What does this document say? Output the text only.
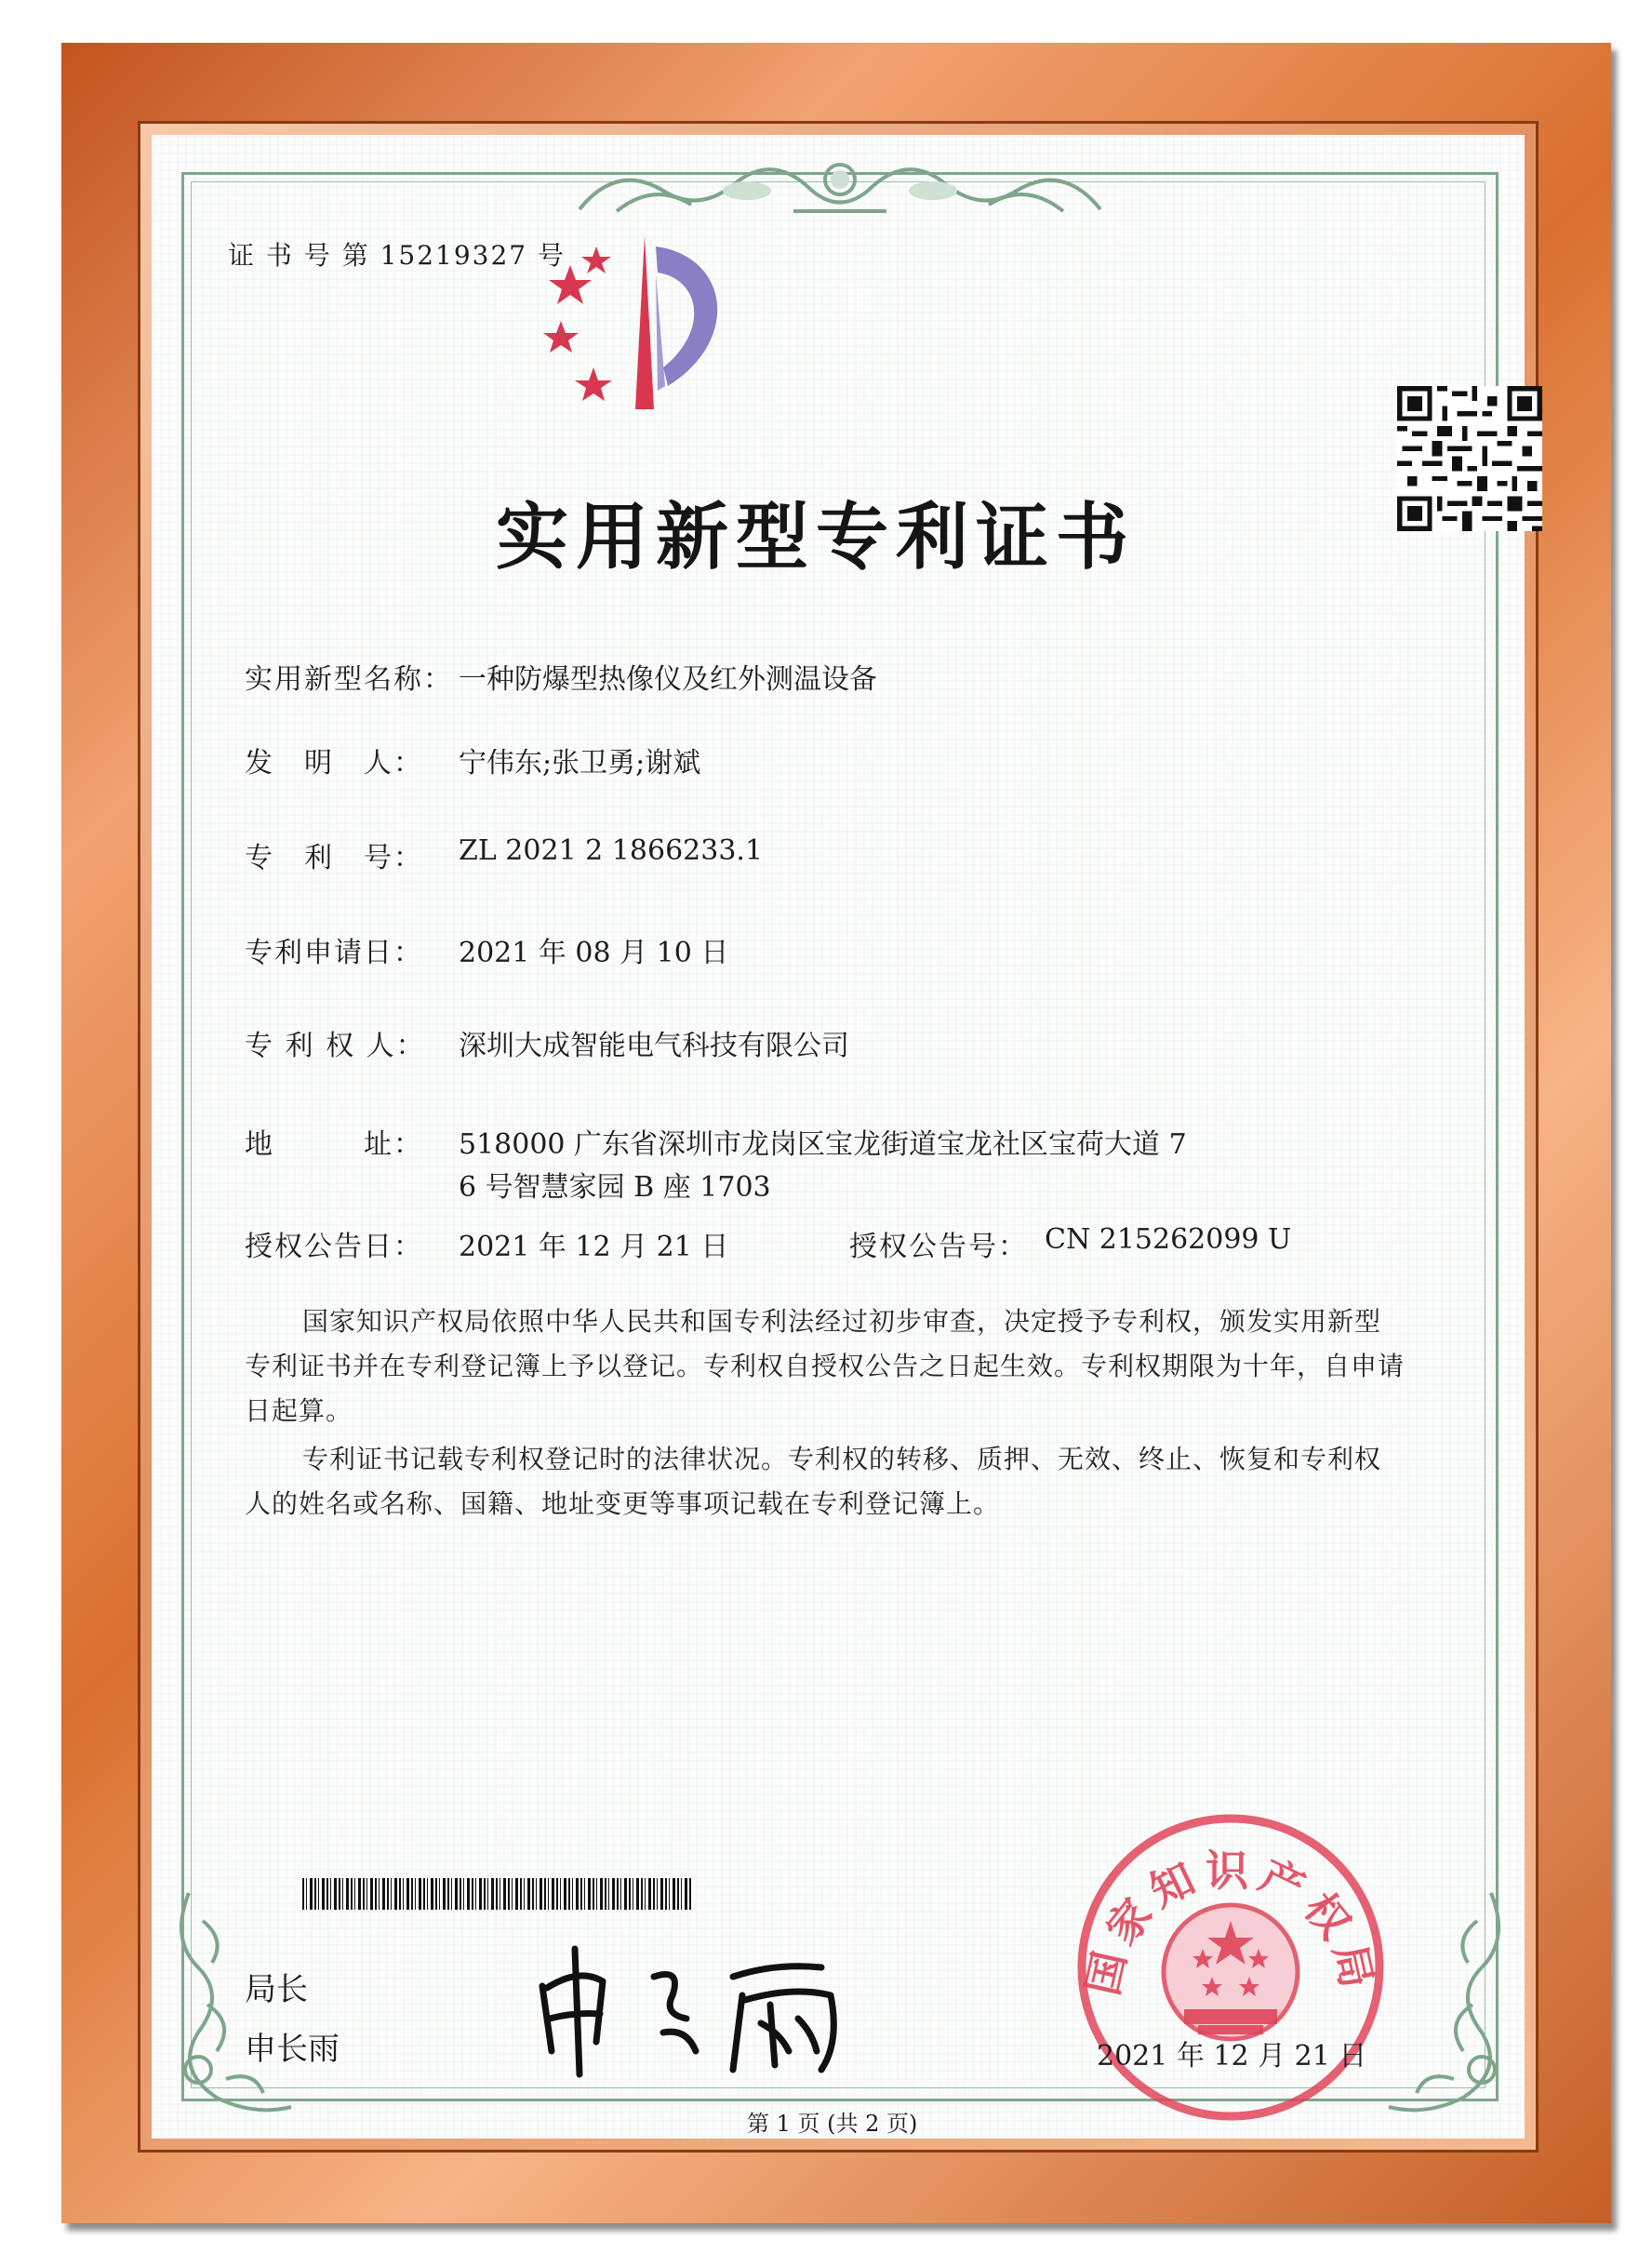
证 书 号 第 15219327 号
实用新型专利证书
实用新型名称： 一种防爆型热像仪及红外测温设备
发　明　人： 宁伟东;张卫勇;谢斌
专　利　号： ZL 2021 2 1866233.1
专利申请日： 2021 年 08 月 10 日
专 利 权 人： 深圳大成智能电气科技有限公司
地　　　址： 518000 广东省深圳市龙岗区宝龙街道宝龙社区宝荷大道 7
6 号智慧家园 B 座 1703
授权公告日： 2021 年 12 月 21 日	授权公告号： CN 215262099 U
国家知识产权局依照中华人民共和国专利法经过初步审查，决定授予专利权，颁发实用新型专利证书并在专利登记簿上予以登记。专利权自授权公告之日起生效。专利权期限为十年，自申请日起算。
专利证书记载专利权登记时的法律状况。专利权的转移、质押、无效、终止、恢复和专利权人的姓名或名称、国籍、地址变更等事项记载在专利登记簿上。
局长
申长雨
国家知识产权局
2021 年 12 月 21 日
第 1 页 (共 2 页)
